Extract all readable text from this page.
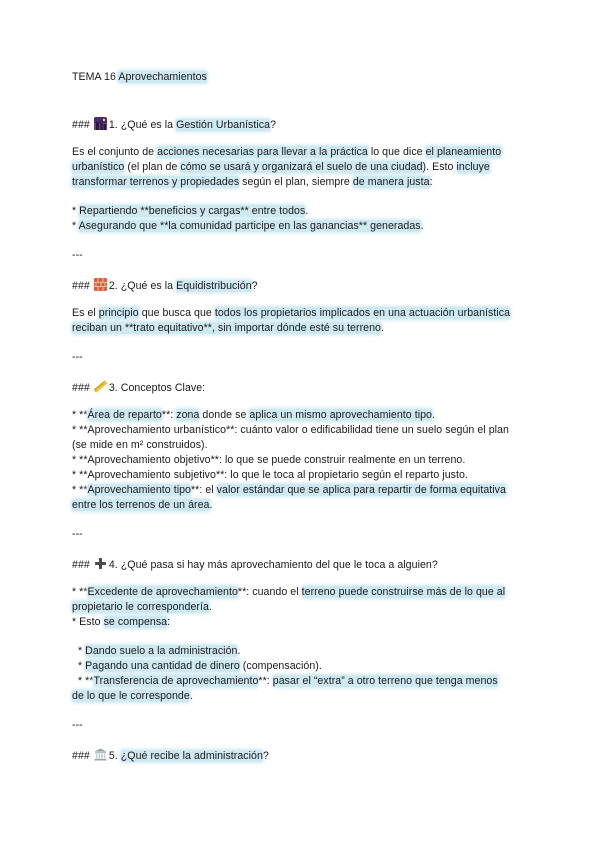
TEMA 16 Aprovechamientos
### 1. ¿Qué es la Gestión Urbanística?
Es el conjunto de acciones necesarias para llevar a la práctica lo que dice el planeamiento
urbanístico (el plan de cómo se usará y organizará el suelo de una ciudad). Esto incluye
transformar terrenos y propiedades según el plan, siempre de manera justa:
* Repartiendo **beneficios y cargas** entre todos.
* Asegurando que **la comunidad participe en las ganancias** generadas.
---
### 2. ¿Qué es la Equidistribución?
Es el principio que busca que todos los propietarios implicados en una actuación urbanística
reciban un **trato equitativo**, sin importar dónde esté su terreno.
---
### 3. Conceptos Clave:
* **Área de reparto**: zona donde se aplica un mismo aprovechamiento tipo.
* **Aprovechamiento urbanístico**: cuánto valor o edificabilidad tiene un suelo según el plan
(se mide en m² construidos).
* **Aprovechamiento objetivo**: lo que se puede construir realmente en un terreno.
* **Aprovechamiento subjetivo**: lo que le toca al propietario según el reparto justo.
* **Aprovechamiento tipo**: el valor estándar que se aplica para repartir de forma equitativa
entre los terrenos de un área.
---
### 4. ¿Qué pasa si hay más aprovechamiento del que le toca a alguien?
* **Excedente de aprovechamiento**: cuando el terreno puede construirse más de lo que al
propietario le correspondería.
* Esto se compensa:
* Dando suelo a la administración.
* Pagando una cantidad de dinero (compensación).
* **Transferencia de aprovechamiento**: pasar el “extra” a otro terreno que tenga menos
de lo que le corresponde.
---
### 5. ¿Qué recibe la administración?
